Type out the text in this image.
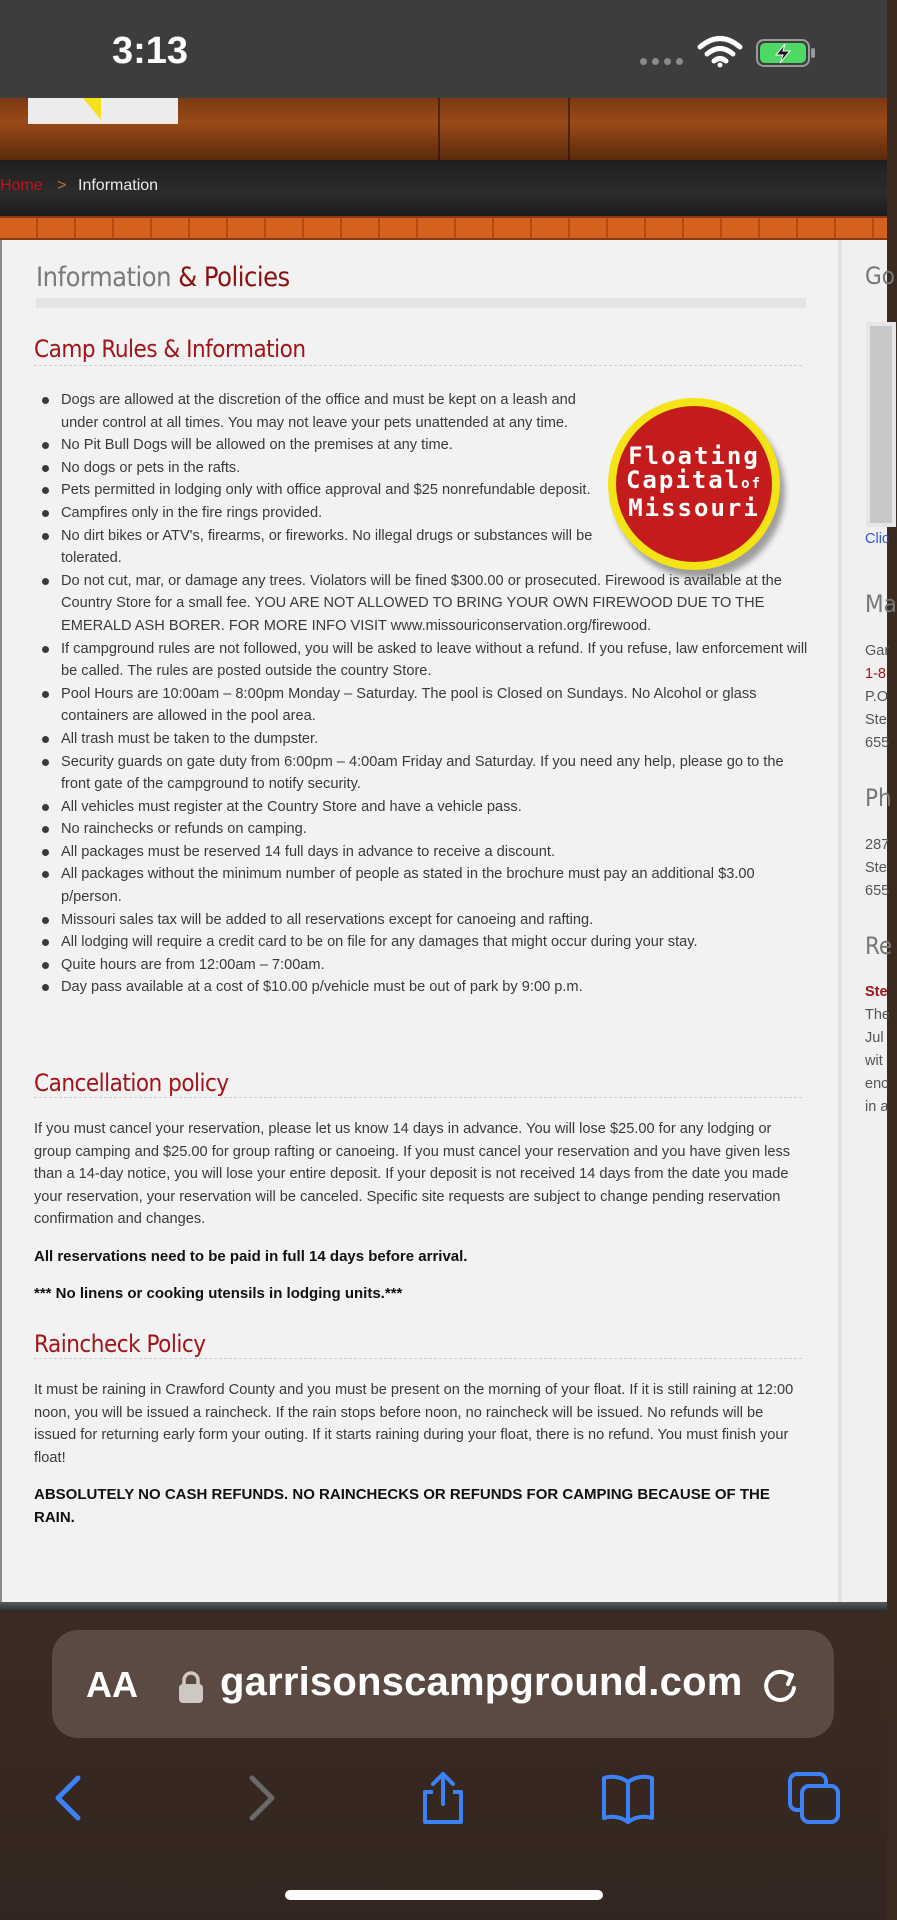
3:13
Home > Information
Information & Policies
Camp Rules & Information
Dogs are allowed at the discretion of the office and must be kept on a leash and under control at all times. You may not leave your pets unattended at any time.
No Pit Bull Dogs will be allowed on the premises at any time.
No dogs or pets in the rafts.
Pets permitted in lodging only with office approval and $25 nonrefundable deposit.
Campfires only in the fire rings provided.
No dirt bikes or ATV's, firearms, or fireworks. No illegal drugs or substances will be tolerated.
Do not cut, mar, or damage any trees. Violators will be fined $300.00 or prosecuted. Firewood is available at the Country Store for a small fee. YOU ARE NOT ALLOWED TO BRING YOUR OWN FIREWOOD DUE TO THE EMERALD ASH BORER. FOR MORE INFO VISIT www.missouriconservation.org/firewood.
If campground rules are not followed, you will be asked to leave without a refund. If you refuse, law enforcement will be called. The rules are posted outside the country Store.
Pool Hours are 10:00am – 8:00pm Monday – Saturday. The pool is Closed on Sundays. No Alcohol or glass containers are allowed in the pool area.
All trash must be taken to the dumpster.
Security guards on gate duty from 6:00pm – 4:00am Friday and Saturday. If you need any help, please go to the front gate of the campground to notify security.
All vehicles must register at the Country Store and have a vehicle pass.
No rainchecks or refunds on camping.
All packages must be reserved 14 full days in advance to receive a discount.
All packages without the minimum number of people as stated in the brochure must pay an additional $3.00 p/person.
Missouri sales tax will be added to all reservations except for canoeing and rafting.
All lodging will require a credit card to be on file for any damages that might occur during your stay.
Quite hours are from 12:00am – 7:00am.
Day pass available at a cost of $10.00 p/vehicle must be out of park by 9:00 p.m.
Floating
Capitalof
Missouri
Cancellation policy
If you must cancel your reservation, please let us know 14 days in advance. You will lose $25.00 for any lodging or group camping and $25.00 for group rafting or canoeing. If you must cancel your reservation and you have given less than a 14-day notice, you will lose your entire deposit. If your deposit is not received 14 days from the date you made your reservation, your reservation will be canceled. Specific site requests are subject to change pending reservation confirmation and changes.
All reservations need to be paid in full 14 days before arrival.
*** No linens or cooking utensils in lodging units.***
Raincheck Policy
It must be raining in Crawford County and you must be present on the morning of your float. If it is still raining at 12:00 noon, you will be issued a raincheck. If the rain stops before noon, no raincheck will be issued. No refunds will be issued for returning early form your outing. If it starts raining during your float, there is no refund. You must finish your float!
ABSOLUTELY NO CASH REFUNDS. NO RAINCHECKS OR REFUNDS FOR CAMPING BECAUSE OF THE RAIN.
Go
Clic
Ma
Gar
1-8
P.O
Ste
655
Ph
287
Ste
655
Re
Ste
The
Jul
wit
enc
in a
AA garrisonscampground.com
